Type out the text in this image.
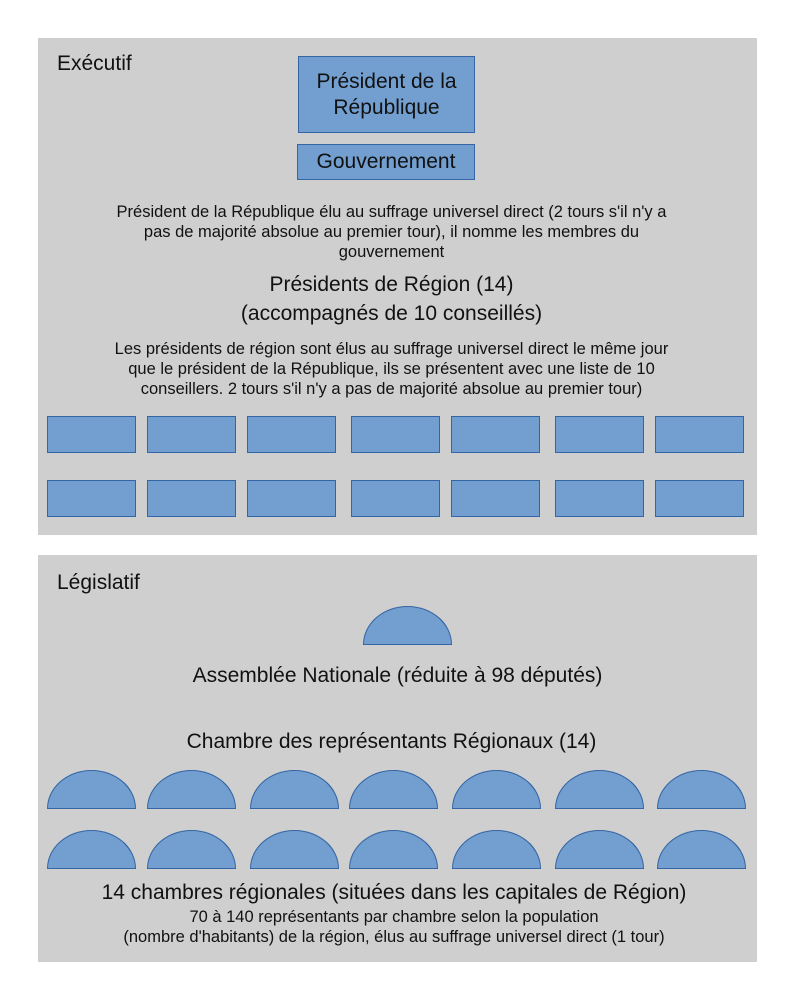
Exécutif
Président de la République
Gouvernement
Président de la République élu au suffrage universel direct (2 tours s'il n'y a
pas de majorité absolue au premier tour), il nomme les membres du
gouvernement
Présidents de Région (14)
(accompagnés de 10 conseillés)
Les présidents de région sont élus au suffrage universel direct le même jour
que le président de la République, ils se présentent avec une liste de 10
conseillers. 2 tours s'il n'y a pas de majorité absolue au premier tour)
Législatif
Assemblée Nationale (réduite à 98 députés)
Chambre des représentants Régionaux (14)
14 chambres régionales (situées dans les capitales de Région)
70 à 140 représentants par chambre selon la population
(nombre d'habitants) de la région, élus au suffrage universel direct (1 tour)
